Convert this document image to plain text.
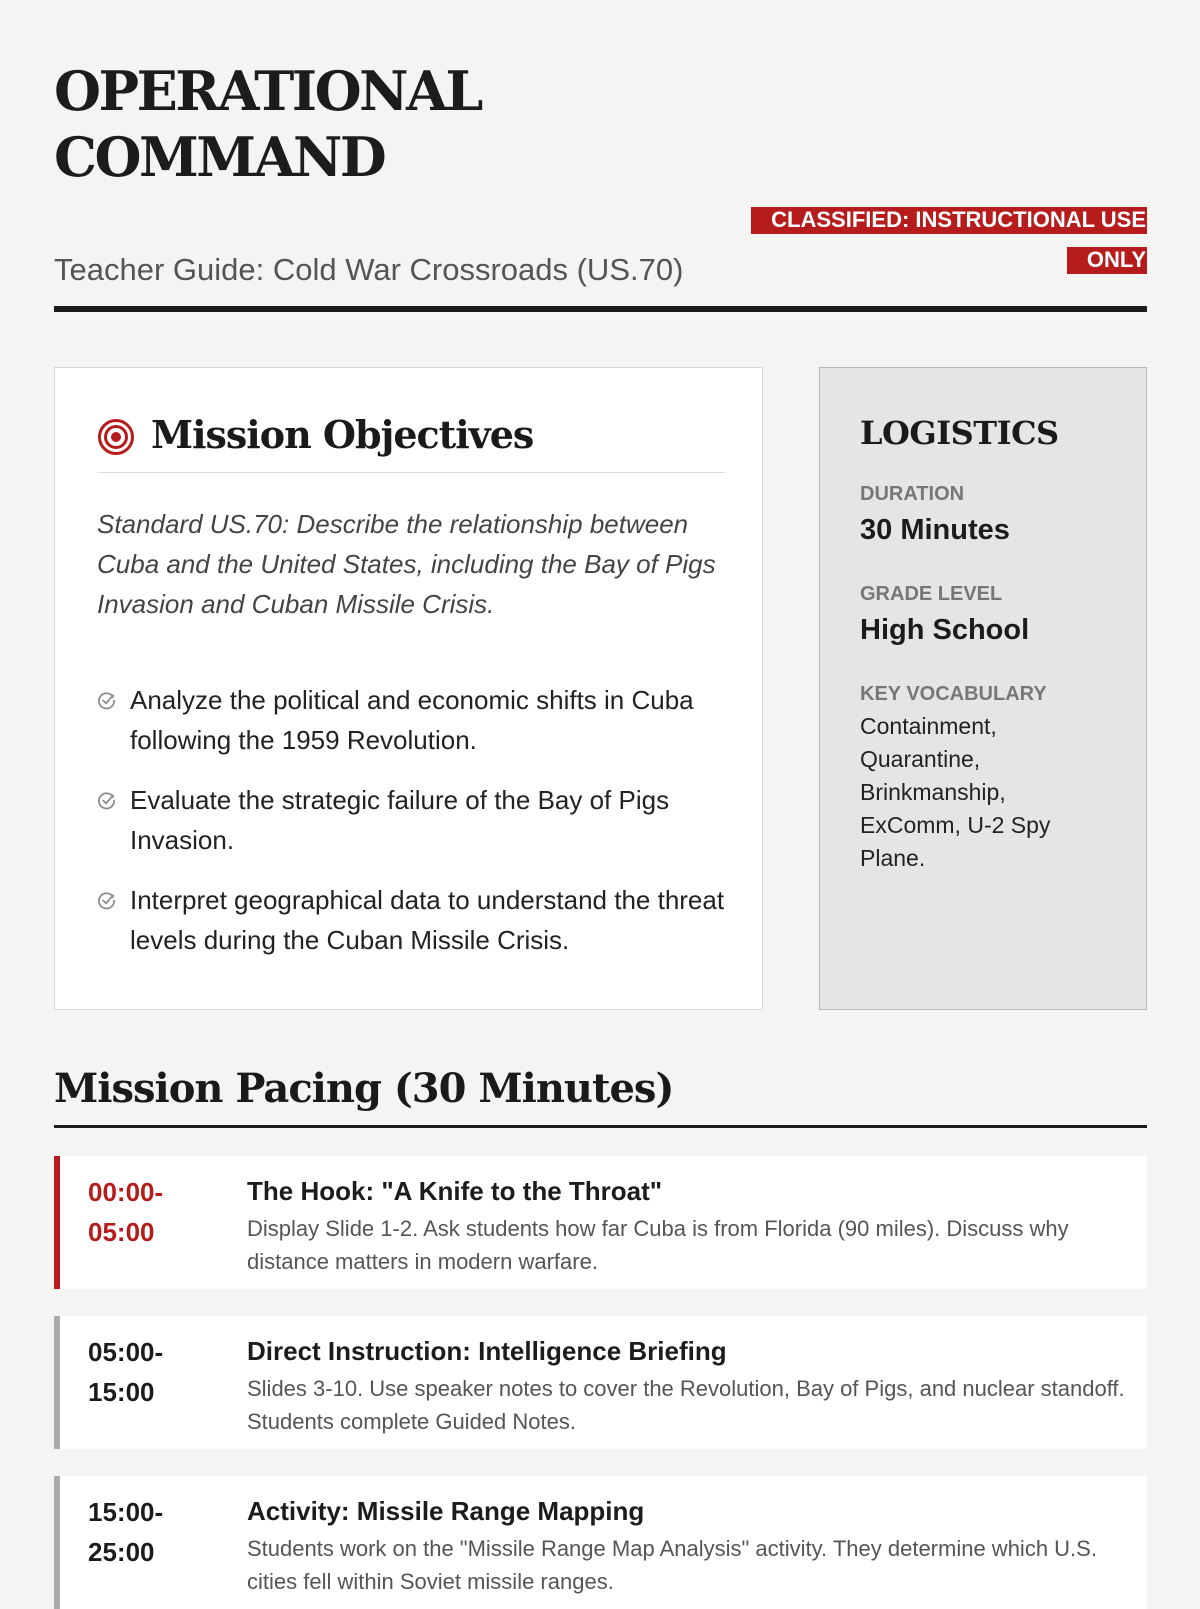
OPERATIONAL
COMMAND
Teacher Guide: Cold War Crossroads (US.70)
CLASSIFIED: INSTRUCTIONAL USE ONLY
Mission Objectives

Standard US.70: Describe the relationship between Cuba and the United States, including the Bay of Pigs Invasion and Cuban Missile Crisis.

Analyze the political and economic shifts in Cuba following the 1959 Revolution.
Evaluate the strategic failure of the Bay of Pigs Invasion.
Interpret geographical data to understand the threat levels during the Cuban Missile Crisis.
LOGISTICS
DURATION
30 Minutes
GRADE LEVEL
High School
KEY VOCABULARY
Containment, Quarantine, Brinkmanship, ExComm, U-2 Spy Plane.
Mission Pacing (30 Minutes)
00:00-05:00
The Hook: "A Knife to the Throat"
Display Slide 1-2. Ask students how far Cuba is from Florida (90 miles). Discuss why distance matters in modern warfare.
05:00-15:00
Direct Instruction: Intelligence Briefing
Slides 3-10. Use speaker notes to cover the Revolution, Bay of Pigs, and nuclear standoff. Students complete Guided Notes.
15:00-25:00
Activity: Missile Range Mapping
Students work on the "Missile Range Map Analysis" activity. They determine which U.S. cities fell within Soviet missile ranges.
